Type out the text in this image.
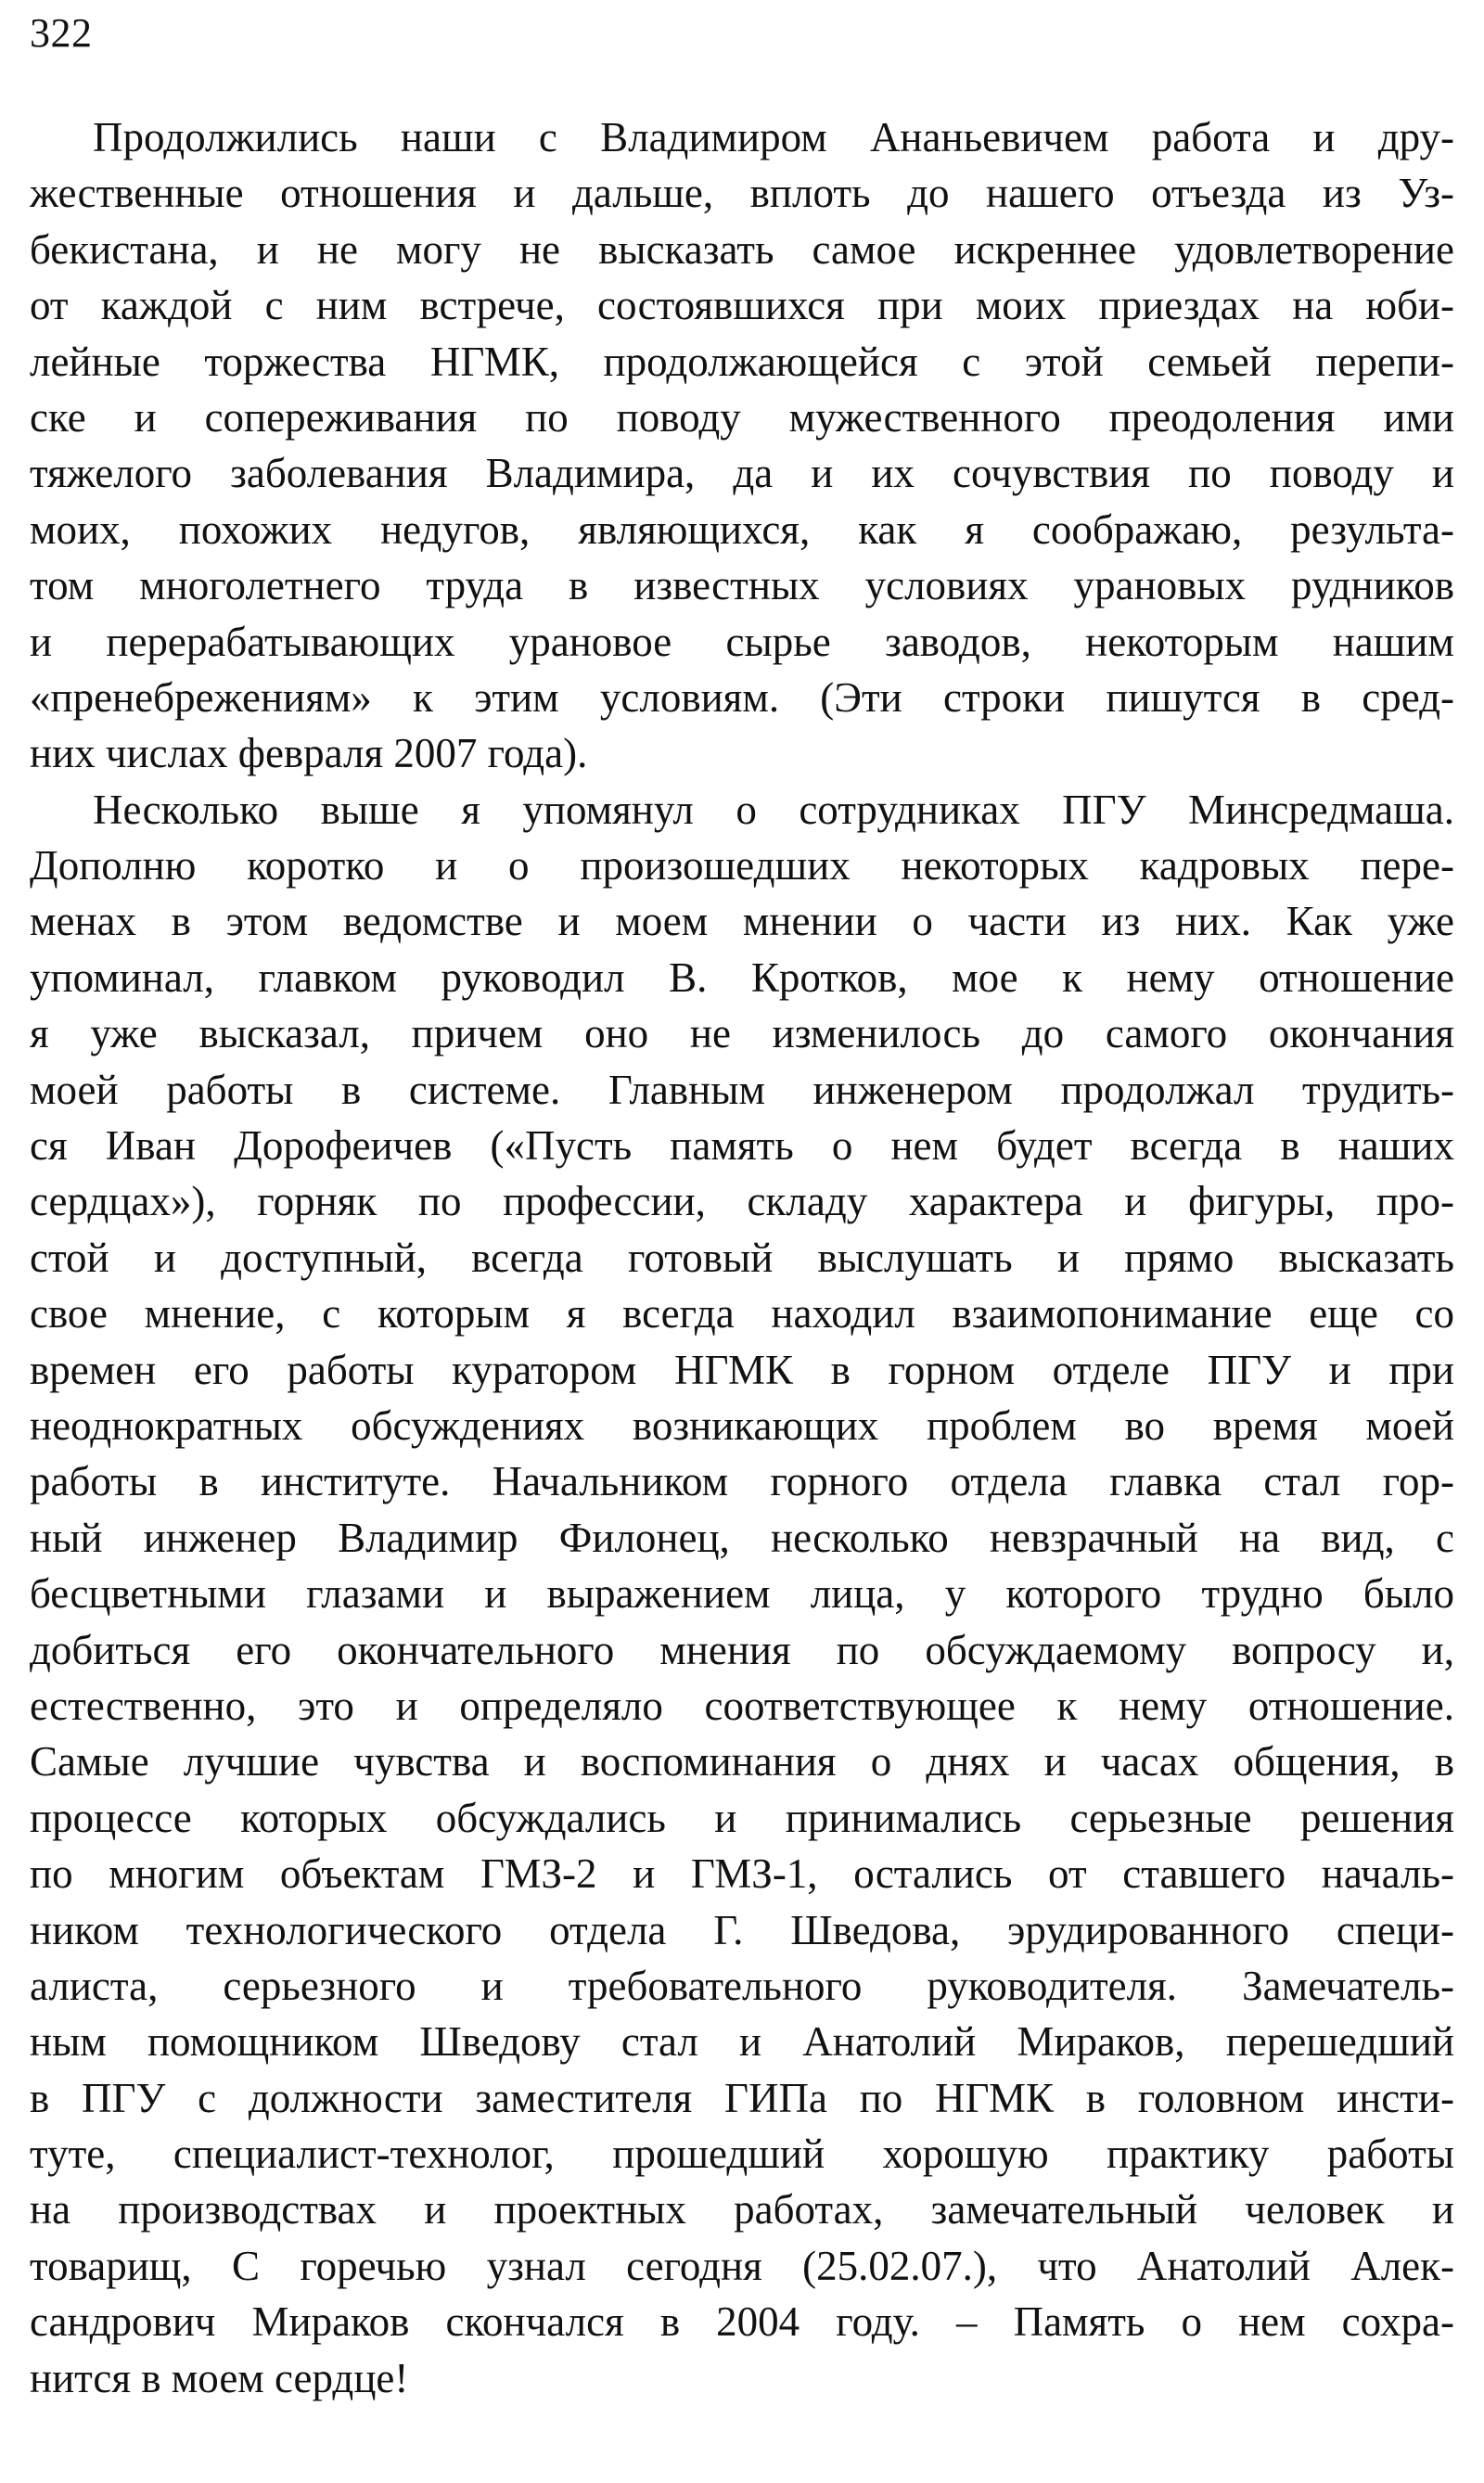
322
Продолжились наши с Владимиром Ананьевичем работа и дру-
жественные отношения и дальше, вплоть до нашего отъезда из Уз-
бекистана, и не могу не высказать самое искреннее удовлетворение
от каждой с ним встрече, состоявшихся при моих приездах на юби-
лейные торжества НГМК, продолжающейся с этой семьей перепи-
ске и сопереживания по поводу мужественного преодоления ими
тяжелого заболевания Владимира, да и их сочувствия по поводу и
моих, похожих недугов, являющихся, как я соображаю, результа-
том многолетнего труда в известных условиях урановых рудников
и перерабатывающих урановое сырье заводов, некоторым нашим
«пренебрежениям» к этим условиям. (Эти строки пишутся в сред-
них числах февраля 2007 года).
Несколько выше я упомянул о сотрудниках ПГУ Минсредмаша.
Дополню коротко и о произошедших некоторых кадровых пере-
менах в этом ведомстве и моем мнении о части из них. Как уже
упоминал, главком руководил В. Кротков, мое к нему отношение
я уже высказал, причем оно не изменилось до самого окончания
моей работы в системе. Главным инженером продолжал трудить-
ся Иван Дорофеичев («Пусть память о нем будет всегда в наших
сердцах»), горняк по профессии, складу характера и фигуры, про-
стой и доступный, всегда готовый выслушать и прямо высказать
свое мнение, с которым я всегда находил взаимопонимание еще со
времен его работы куратором НГМК в горном отделе ПГУ и при
неоднократных обсуждениях возникающих проблем во время моей
работы в институте. Начальником горного отдела главка стал гор-
ный инженер Владимир Филонец, несколько невзрачный на вид, с
бесцветными глазами и выражением лица, у которого трудно было
добиться его окончательного мнения по обсуждаемому вопросу и,
естественно, это и определяло соответствующее к нему отношение.
Самые лучшие чувства и воспоминания о днях и часах общения, в
процессе которых обсуждались и принимались серьезные решения
по многим объектам ГМЗ-2 и ГМЗ-1, остались от ставшего началь-
ником технологического отдела Г. Шведова, эрудированного специ-
алиста, серьезного и требовательного руководителя. Замечатель-
ным помощником Шведову стал и Анатолий Мираков, перешедший
в ПГУ с должности заместителя ГИПа по НГМК в головном инсти-
туте, специалист-технолог, прошедший хорошую практику работы
на производствах и проектных работах, замечательный человек и
товарищ, С горечью узнал сегодня (25.02.07.), что Анатолий Алек-
сандрович Мираков скончался в 2004 году. – Память о нем сохра-
нится в моем сердце!
